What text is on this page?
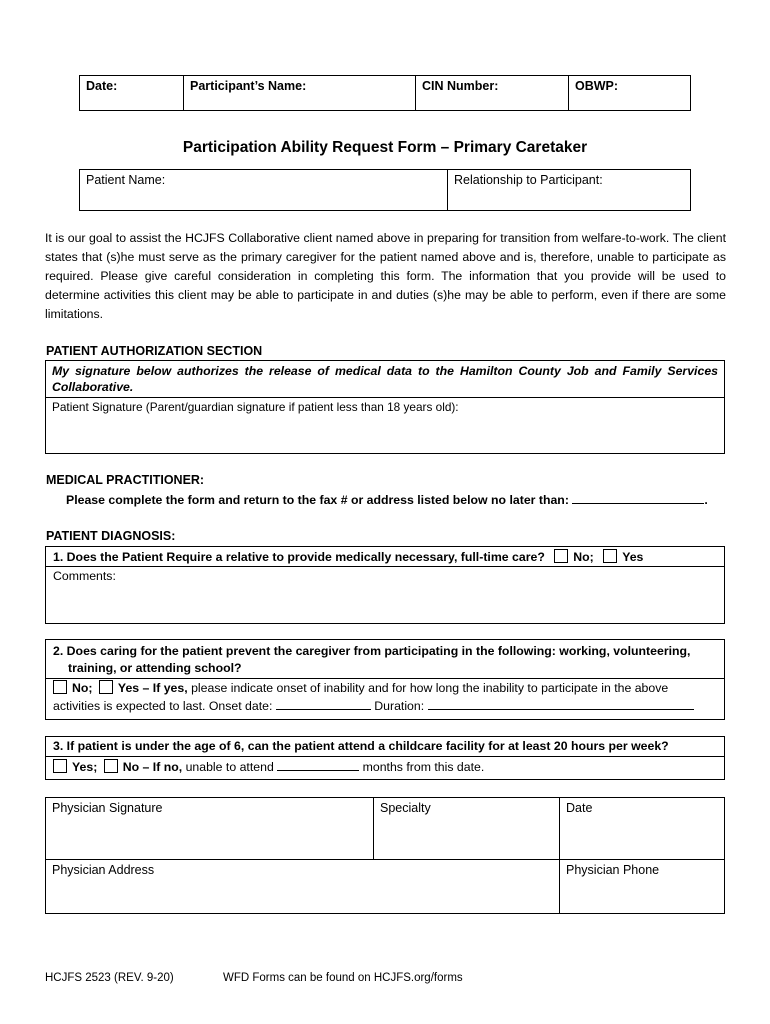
Date:	Participant’s Name:	CIN Number:	OBWP:
Participation Ability Request Form – Primary Caretaker
Patient Name:	Relationship to Participant:
It is our goal to assist the HCJFS Collaborative client named above in preparing for transition from welfare-to-work. The client states that (s)he must serve as the primary caregiver for the patient named above and is, therefore, unable to participate as required. Please give careful consideration in completing this form. The information that you provide will be used to determine activities this client may be able to participate in and duties (s)he may be able to perform, even if there are some limitations.
PATIENT AUTHORIZATION SECTION
My signature below authorizes the release of medical data to the Hamilton County Job and Family Services Collaborative.
Patient Signature (Parent/guardian signature if patient less than 18 years old):
MEDICAL PRACTITIONER:
Please complete the form and return to the fax # or address listed below no later than:	.
PATIENT DIAGNOSIS:
1. Does the Patient Require a relative to provide medically necessary, full-time care? No; Yes
Comments:
2. Does caring for the patient prevent the caregiver from participating in the following: working, volunteering,
training, or attending school?
No; Yes – If yes, please indicate onset of inability and for how long the inability to participate in the above
activities is expected to last. Onset date:	Duration:
3. If patient is under the age of 6, can the patient attend a childcare facility for at least 20 hours per week?
Yes; No – If no, unable to attend	months from this date.
Physician Signature	Specialty	Date
Physician Address		Physician Phone
HCJFS 2523 (REV. 9-20)	WFD Forms can be found on HCJFS.org/forms
